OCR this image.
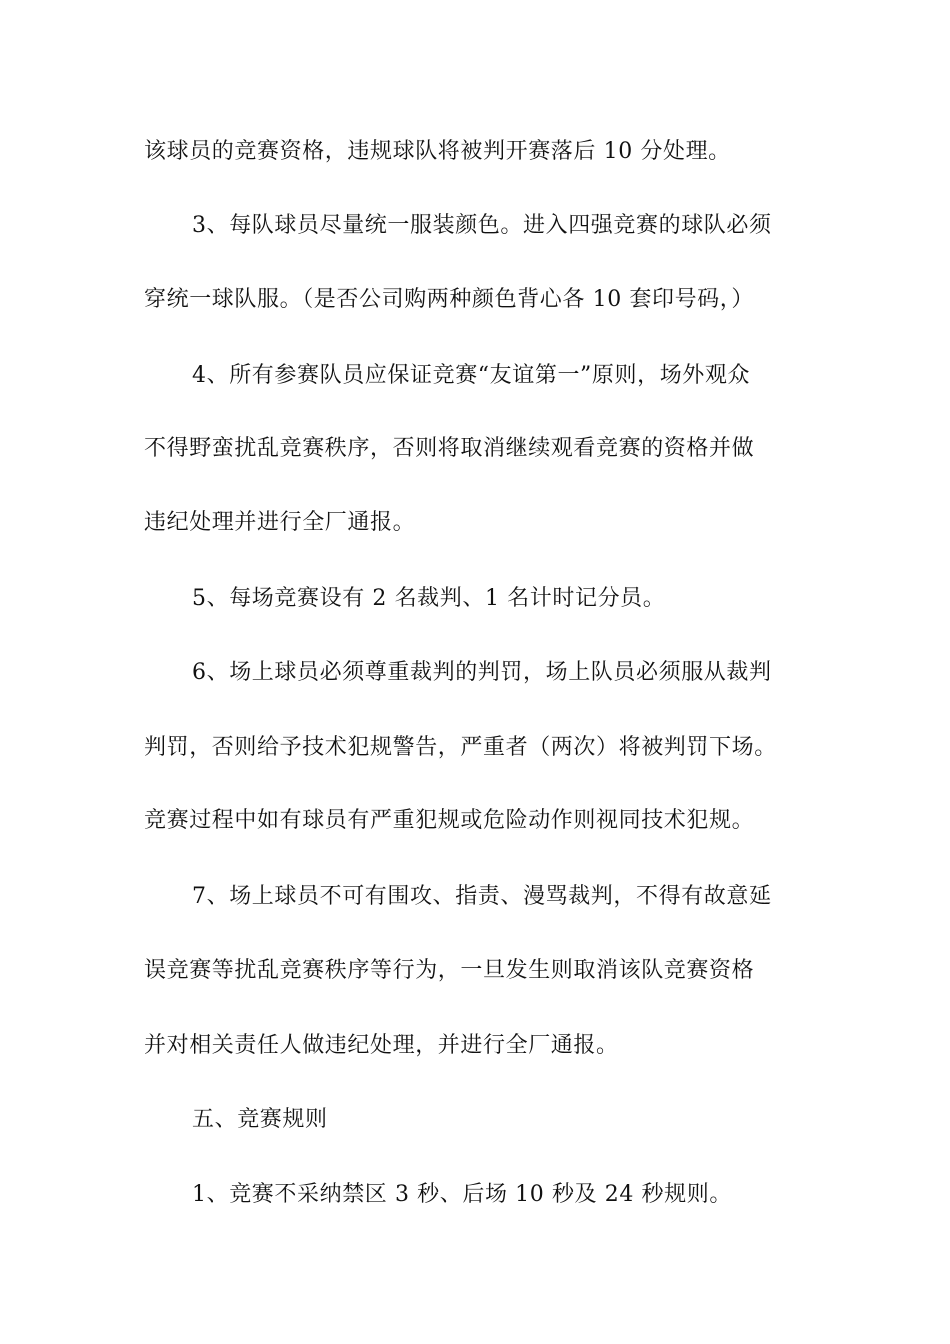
该球员的竞赛资格，违规球队将被判开赛落后 10 分处理。
3、每队球员尽量统一服装颜色。进入四强竞赛的球队必须
穿统一球队服。（是否公司购两种颜色背心各 10 套印号码，）
4、所有参赛队员应保证竞赛“友谊第一”原则，场外观众
不得野蛮扰乱竞赛秩序，否则将取消继续观看竞赛的资格并做
违纪处理并进行全厂通报。
5、每场竞赛设有 2 名裁判、1 名计时记分员。
6、场上球员必须尊重裁判的判罚，场上队员必须服从裁判
判罚，否则给予技术犯规警告，严重者（两次）将被判罚下场。
竞赛过程中如有球员有严重犯规或危险动作则视同技术犯规。
7、场上球员不可有围攻、指责、漫骂裁判，不得有故意延
误竞赛等扰乱竞赛秩序等行为，一旦发生则取消该队竞赛资格
并对相关责任人做违纪处理，并进行全厂通报。
五、竞赛规则
1、竞赛不采纳禁区 3 秒、后场 10 秒及 24 秒规则。
